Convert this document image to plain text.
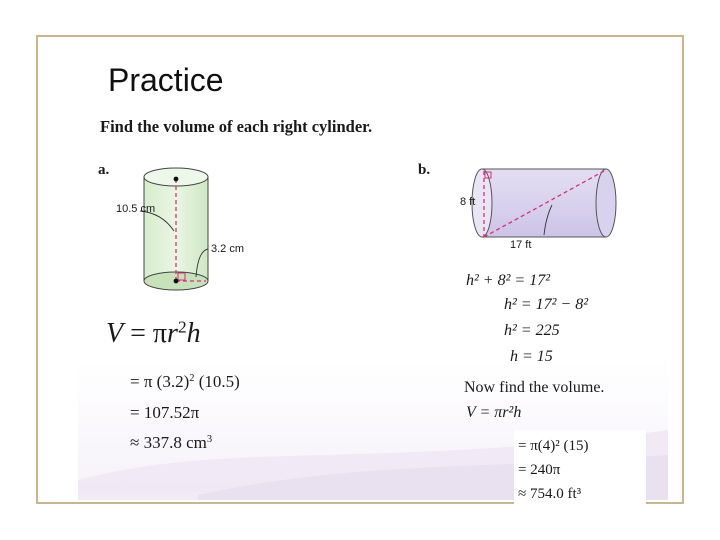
Practice
Find the volume of each right cylinder.
a.
10.5 cm
3.2 cm
$V = \pi r^2h$
= π $(3.2)^2$ (10.5)
= 107.52π
≈ 337.8 $cm^3$
b.
8 ft
17 ft
h² + 8² = 17²
h² = 17² − 8²
h² = 225
h = 15
Now find the volume.
V = πr²h
= π(4)² (15)
= 240π
≈ 754.0 ft³
